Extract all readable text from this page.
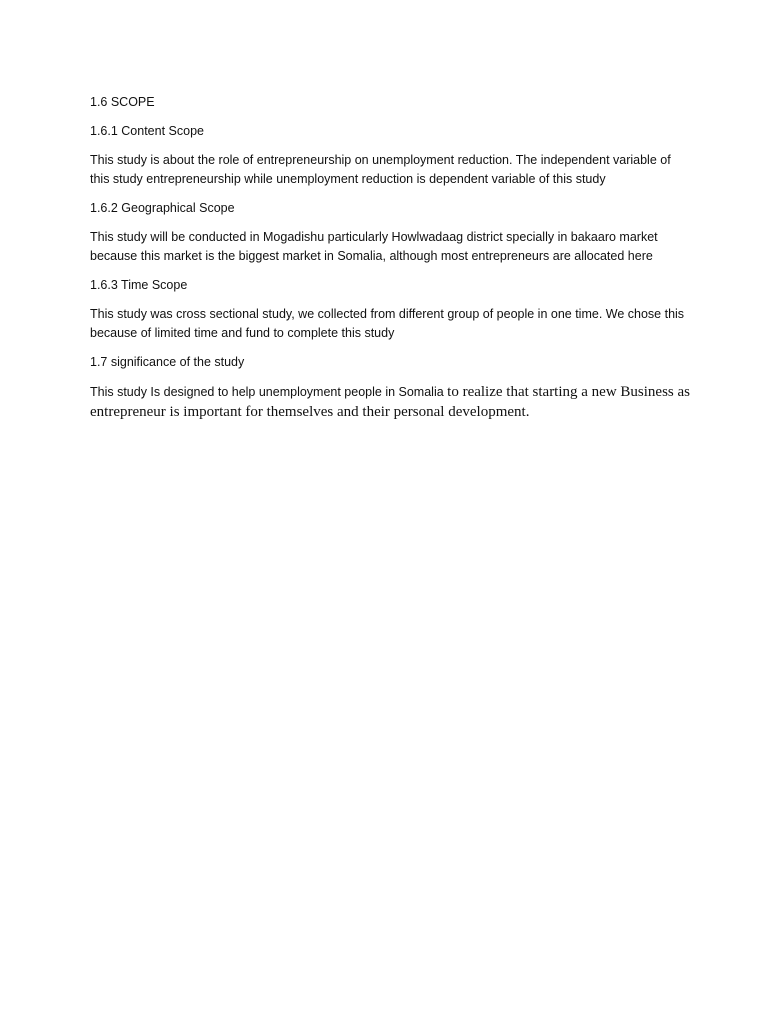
1.6 SCOPE

1.6.1 Content Scope

This study is about the role of entrepreneurship on unemployment reduction. The independent variable of this study entrepreneurship while unemployment reduction is dependent variable of this study

1.6.2 Geographical Scope

This study will be conducted in Mogadishu particularly Howlwadaag district specially in bakaaro market because this market is the biggest market in Somalia, although most entrepreneurs are allocated here

1.6.3 Time Scope

This study was cross sectional study, we collected from different group of people in one time. We chose this because of limited time and fund to complete this study

1.7 significance of the study

This study Is designed to help unemployment people in Somalia to realize that starting a new Business as entrepreneur is important for themselves and their personal development.
